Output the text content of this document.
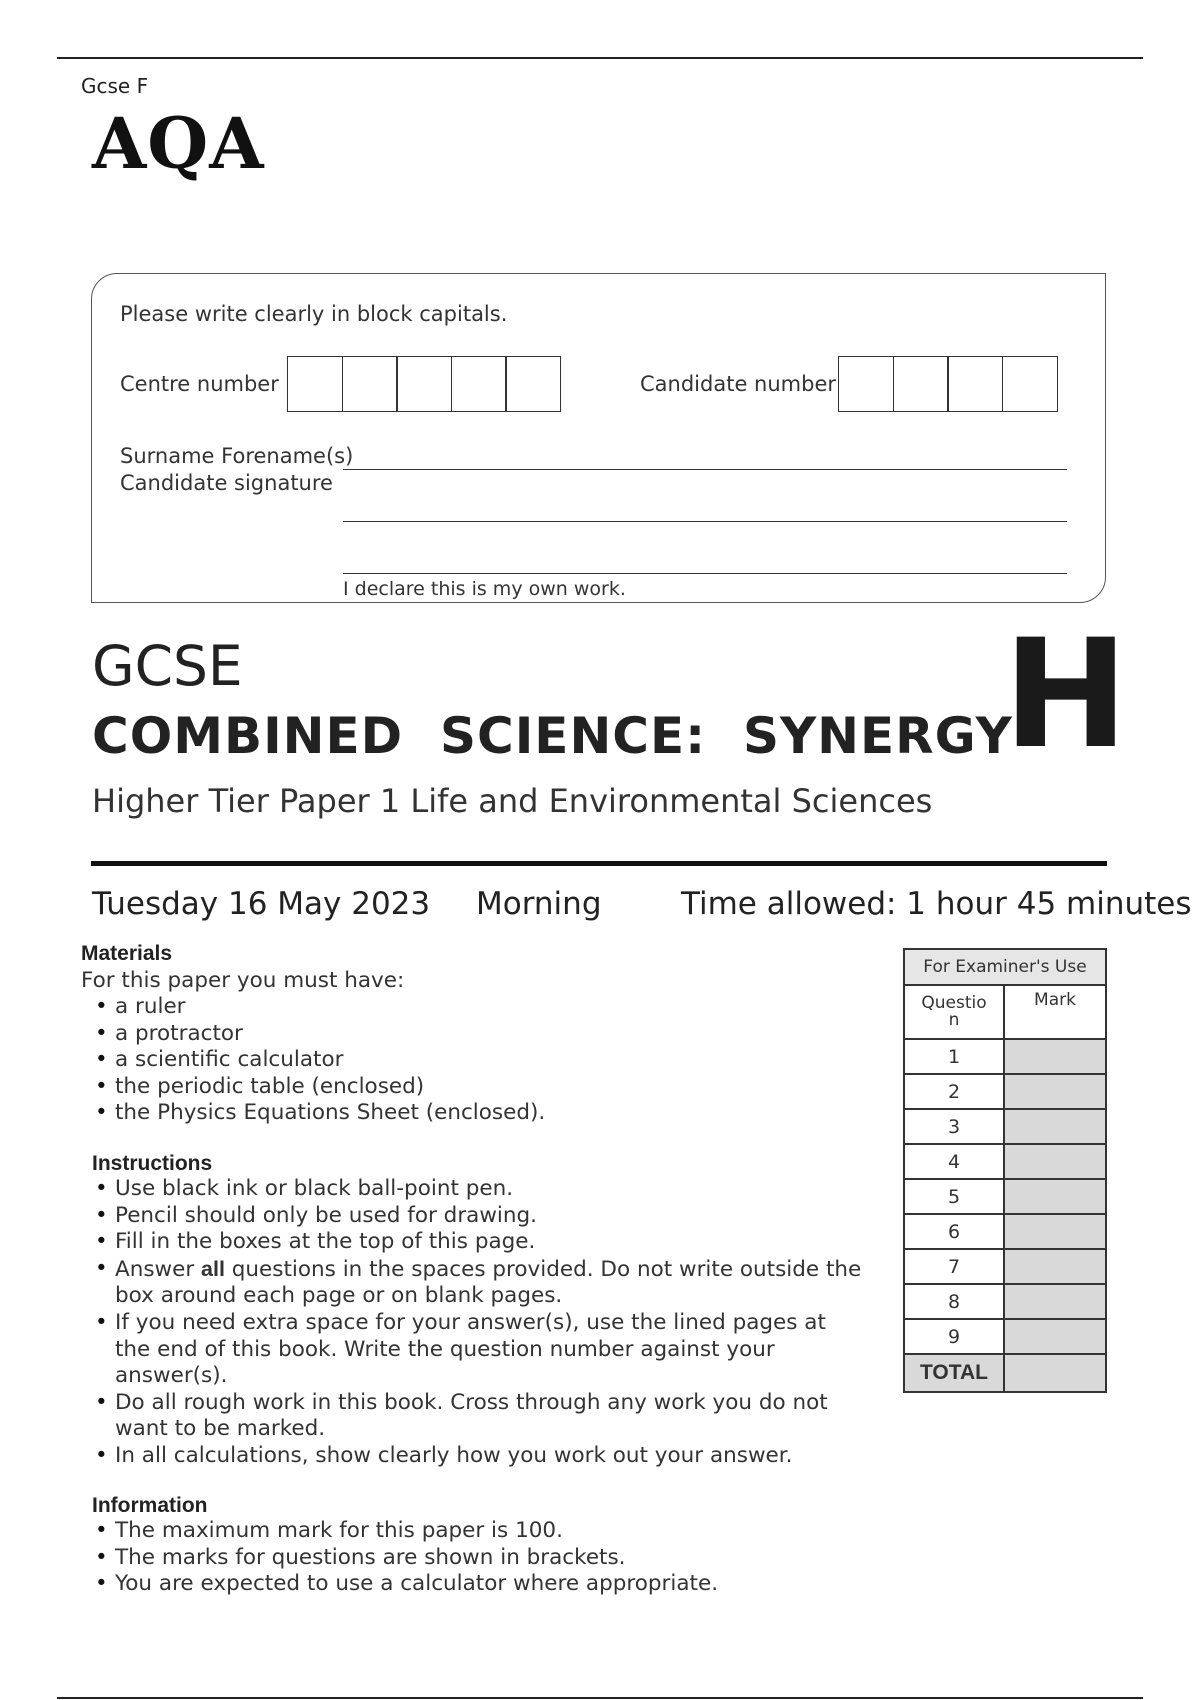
Gcse F
AQA
Please write clearly in block capitals.
Centre number	Candidate number
Surname Forename(s)
Candidate signature
I declare this is my own work.
GCSE
COMBINED  SCIENCE:  SYNERGY
Higher Tier Paper 1 Life and Environmental Sciences
H
Tuesday 16 May 2023 Morning	Time allowed: 1 hour 45 minutes
Materials
For this paper you must have:
• a ruler
• a protractor
• a scientific calculator
• the periodic table (enclosed)
• the Physics Equations Sheet (enclosed).
Instructions
• Use black ink or black ball-point pen.
• Pencil should only be used for drawing.
• Fill in the boxes at the top of this page.
• Answer all questions in the spaces provided. Do not write outside the box around each page or on blank pages.
• If you need extra space for your answer(s), use the lined pages at the end of this book. Write the question number against your answer(s).
• Do all rough work in this book. Cross through any work you do not want to be marked.
• In all calculations, show clearly how you work out your answer.
Information
• The maximum mark for this paper is 100.
• The marks for questions are shown in brackets.
• You are expected to use a calculator where appropriate.
For Examiner's Use	
Questio n	Mark
1	
2	
3	
4	
5	
6	
7	
8	
9	
TOTAL	
